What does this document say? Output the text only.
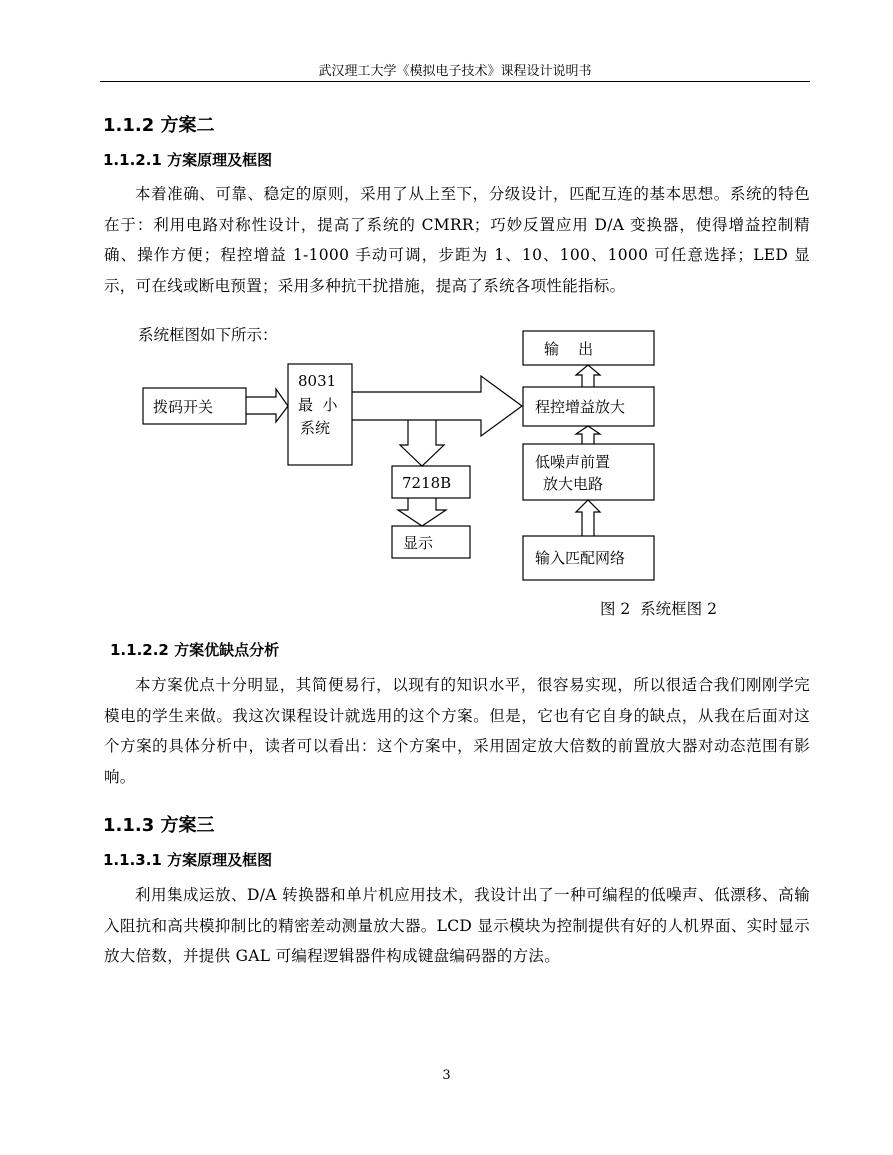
武汉理工大学《模拟电子技术》课程设计说明书
1.1.2 方案二
1.1.2.1 方案原理及框图

本着准确、可靠、稳定的原则，采用了从上至下，分级设计，匹配互连的基本思想。系统的特色在于：利用电路对称性设计，提高了系统的 CMRR；巧妙反置应用 D/A 变换器，使得增益控制精确、操作方便；程控增益 1-1000 手动可调，步距为 1、10、100、1000 可任意选择；LED 显示，可在线或断电预置；采用多种抗干扰措施，提高了系统各项性能指标。

系统框图如下所示：
拨码开关
8031
最  小
系统
7218B
显示
输    出
程控增益放大
低噪声前置
放大电路
输入匹配网络
图 2  系统框图 2
1.1.2.2 方案优缺点分析

本方案优点十分明显，其简便易行，以现有的知识水平，很容易实现，所以很适合我们刚刚学完模电的学生来做。我这次课程设计就选用的这个方案。但是，它也有它自身的缺点，从我在后面对这个方案的具体分析中，读者可以看出：这个方案中，采用固定放大倍数的前置放大器对动态范围有影响。

1.1.3 方案三
1.1.3.1 方案原理及框图

利用集成运放、D/A 转换器和单片机应用技术，我设计出了一种可编程的低噪声、低漂移、高输入阻抗和高共模抑制比的精密差动测量放大器。LCD 显示模块为控制提供有好的人机界面、实时显示放大倍数，并提供 GAL 可编程逻辑器件构成键盘编码器的方法。

3
